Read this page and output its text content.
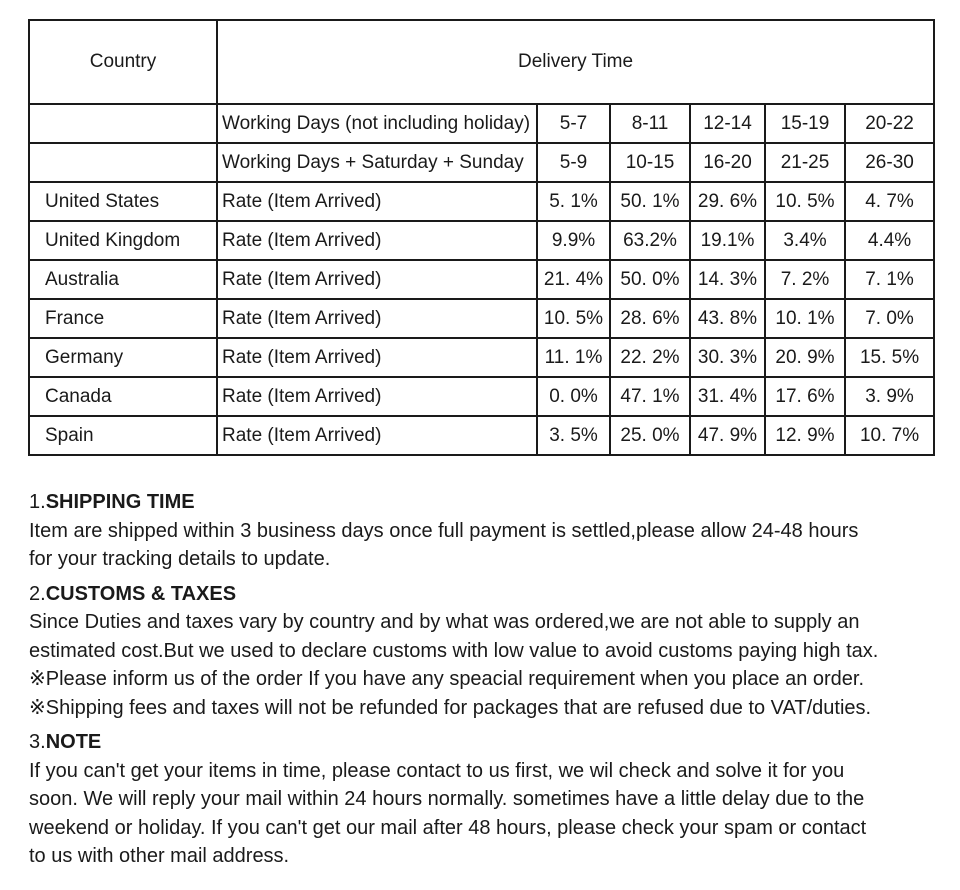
Country	Delivery Time					
	Working Days (not including holiday)	5-7	8-11	12-14	15-19	20-22
	Working Days + Saturday + Sunday	5-9	10-15	16-20	21-25	26-30
United States	Rate (Item Arrived)	5. 1%	50. 1%	29. 6%	10. 5%	4. 7%
United Kingdom	Rate (Item Arrived)	9.9%	63.2%	19.1%	3.4%	4.4%
Australia	Rate (Item Arrived)	21. 4%	50. 0%	14. 3%	7. 2%	7. 1%
France	Rate (Item Arrived)	10. 5%	28. 6%	43. 8%	10. 1%	7. 0%
Germany	Rate (Item Arrived)	11. 1%	22. 2%	30. 3%	20. 9%	15. 5%
Canada	Rate (Item Arrived)	0. 0%	47. 1%	31. 4%	17. 6%	3. 9%
Spain	Rate (Item Arrived)	3. 5%	25. 0%	47. 9%	12. 9%	10. 7%
1.SHIPPING TIME

Item are shipped within 3 business days once full payment is settled,please allow 24-48 hours

for your tracking details to update.

2.CUSTOMS & TAXES

Since Duties and taxes vary by country and by what was ordered,we are not able to supply an

estimated cost.But we used to declare customs with low value to avoid customs paying high tax.

※Please inform us of the order If you have any speacial requirement when you place an order.

※Shipping fees and taxes will not be refunded for packages that are refused due to VAT/duties.

3.NOTE

If you can't get your items in time, please contact to us first, we wil check and solve it for you

soon. We will reply your mail within 24 hours normally. sometimes have a little delay due to the

weekend or holiday. If you can't get our mail after 48 hours, please check your spam or contact

to us with other mail address.
